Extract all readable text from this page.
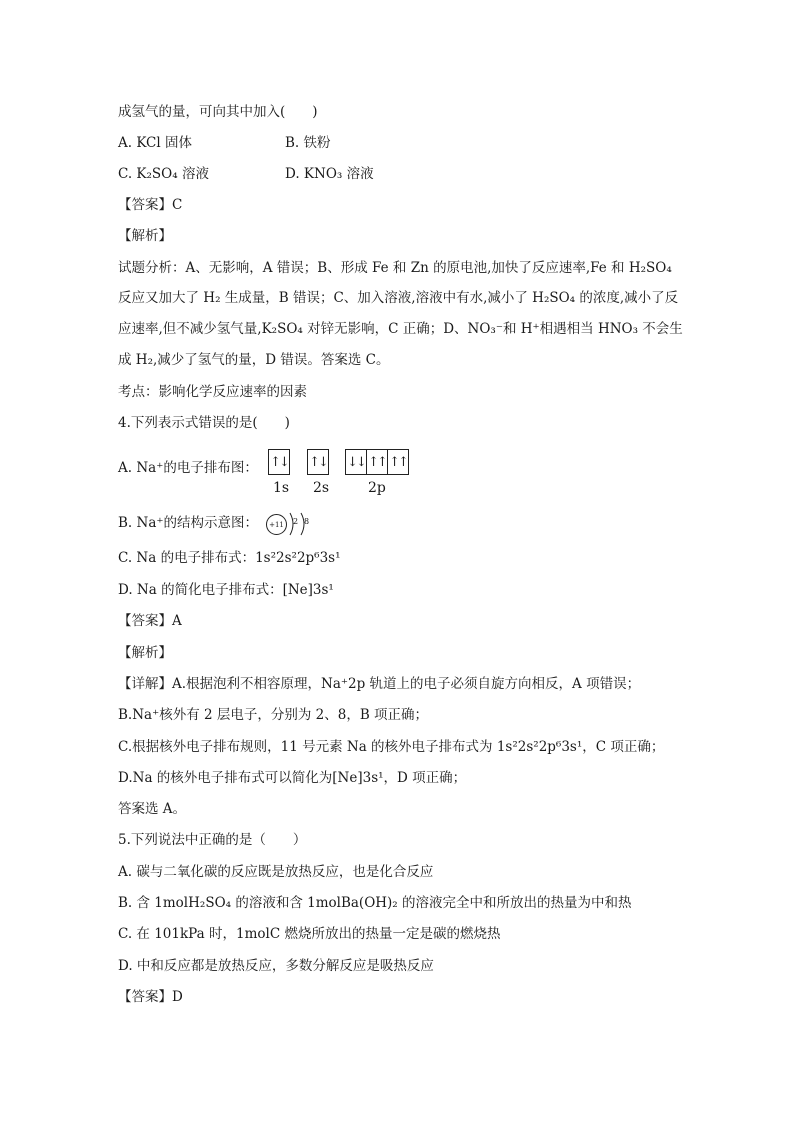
成氢气的量，可向其中加入(　　)
A. KCl 固体	B. 铁粉
C. K₂SO₄ 溶液	D. KNO₃ 溶液
【答案】C
【解析】
试题分析：A、无影响，A 错误；B、形成 Fe 和 Zn 的原电池,加快了反应速率,Fe 和 H₂SO₄
反应又加大了 H₂ 生成量，B 错误；C、加入溶液,溶液中有水,减小了 H₂SO₄ 的浓度,减小了反
应速率,但不减少氢气量,K₂SO₄ 对锌无影响，C 正确；D、NO₃⁻和 H⁺相遇相当 HNO₃ 不会生
成 H₂,减少了氢气的量，D 错误。答案选 C。
考点：影响化学反应速率的因素
4.下列表示式错误的是(　　)
A. Na⁺的电子排布图： ↑↓ ↑↓ ↓↓ ↑↑ ↑↑
1s 2s	2p
B. Na⁺的结构示意图：	+11	2 8
C. Na 的电子排布式：1s²2s²2p⁶3s¹
D. Na 的简化电子排布式：[Ne]3s¹
【答案】A
【解析】
【详解】A.根据泡利不相容原理，Na⁺2p 轨道上的电子必须自旋方向相反，A 项错误；
B.Na⁺核外有 2 层电子，分别为 2、8，B 项正确；
C.根据核外电子排布规则，11 号元素 Na 的核外电子排布式为 1s²2s²2p⁶3s¹，C 项正确；
D.Na 的核外电子排布式可以简化为[Ne]3s¹，D 项正确；
答案选 A。
5.下列说法中正确的是（　　）
A. 碳与二氧化碳的反应既是放热反应，也是化合反应
B. 含 1molH₂SO₄ 的溶液和含 1molBa(OH)₂ 的溶液完全中和所放出的热量为中和热
C. 在 101kPa 时，1molC 燃烧所放出的热量一定是碳的燃烧热
D. 中和反应都是放热反应，多数分解反应是吸热反应
【答案】D
